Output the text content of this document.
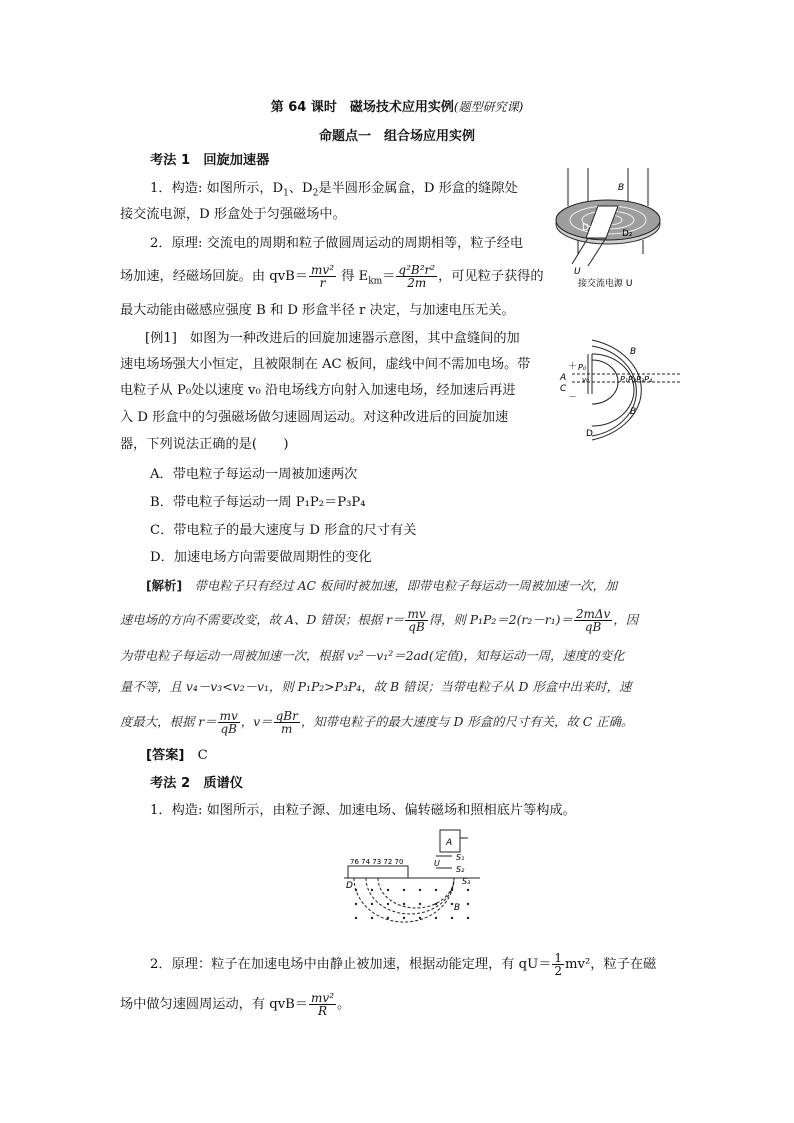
第 64 课时　磁场技术应用实例(题型研究课)
命题点一　组合场应用实例
考法 1　回旋加速器
1．构造: 如图所示，$D_1$、$D_2$是半圆形金属盒，D 形盒的缝隙处
接交流电源，D 形盒处于匀强磁场中。
2．原理: 交流电的周期和粒子做圆周运动的周期相等，粒子经电
场加速，经磁场回旋。由 $qvB= \frac{\text{mv²}}{r}$ 得 $E_{km}= \frac{\text{q²B²r²}}{2m}$ ，可见粒子获得的
最大动能由磁感应强度 B 和 D 形盒半径 r 决定，与加速电压无关。
[例1]　如图为一种改进后的回旋加速器示意图，其中盒缝间的加
速电场场强大小恒定，且被限制在 AC 板间，虚线中间不需加电场。带
电粒子从 P₀处以速度 v₀ 沿电场线方向射入加速电场，经加速后再进
入 D 形盒中的匀强磁场做匀速圆周运动。对这种改进后的回旋加速
器，下列说法正确的是(　　)
A．带电粒子每运动一周被加速两次
B．带电粒子每运动一周 P₁P₂＝P₃P₄
C．带电粒子的最大速度与 D 形盒的尺寸有关
D．加速电场方向需要做周期性的变化
[解析]　 带电粒子只有经过 AC 板间时被加速，即带电粒子每运动一周被加速一次，加
速电场的方向不需要改变，故 A、D 错误；根据 $r= \frac{mv}{qB}$ 得，则 $P_1P_2=2(r_2-r_1)= \frac{\text{2mΔv}}{qB}$ ，因
为带电粒子每运动一周被加速一次，根据 v₂²－v₁²＝2ad(定值)，知每运动一周，速度的变化
量不等，且 v₄－v₃<v₂－v₁，则 P₁P₂>P₃P₄，故 B 错误；当带电粒子从 D 形盒中出来时，速
度最大，根据 $r= \frac{mv}{qB}$ ，$v= \frac{\text{qBr}}{m}$ ，知带电粒子的最大速度与 D 形盒的尺寸有关，故 C 正确。
[答案]　 C
考法 2　质谱仪
1．构造: 如图所示，由粒子源、加速电场、偏转磁场和照相底片等构成。
2．原理：粒子在加速电场中由静止被加速，根据动能定理，有 $qU= \frac{1}{2} mv^2$，粒子在磁
场中做匀速圆周运动，有 $qvB= \frac{\text{mv²}}{R}$ 。
B
D₁
D₂
U
接交流电源 U
＋
－
A
C
P₀
v₀	P₁P₂P₃P₄
B
B
D
A
U
S₁
S₂
S₃
76 74 73 72 70
D
B
